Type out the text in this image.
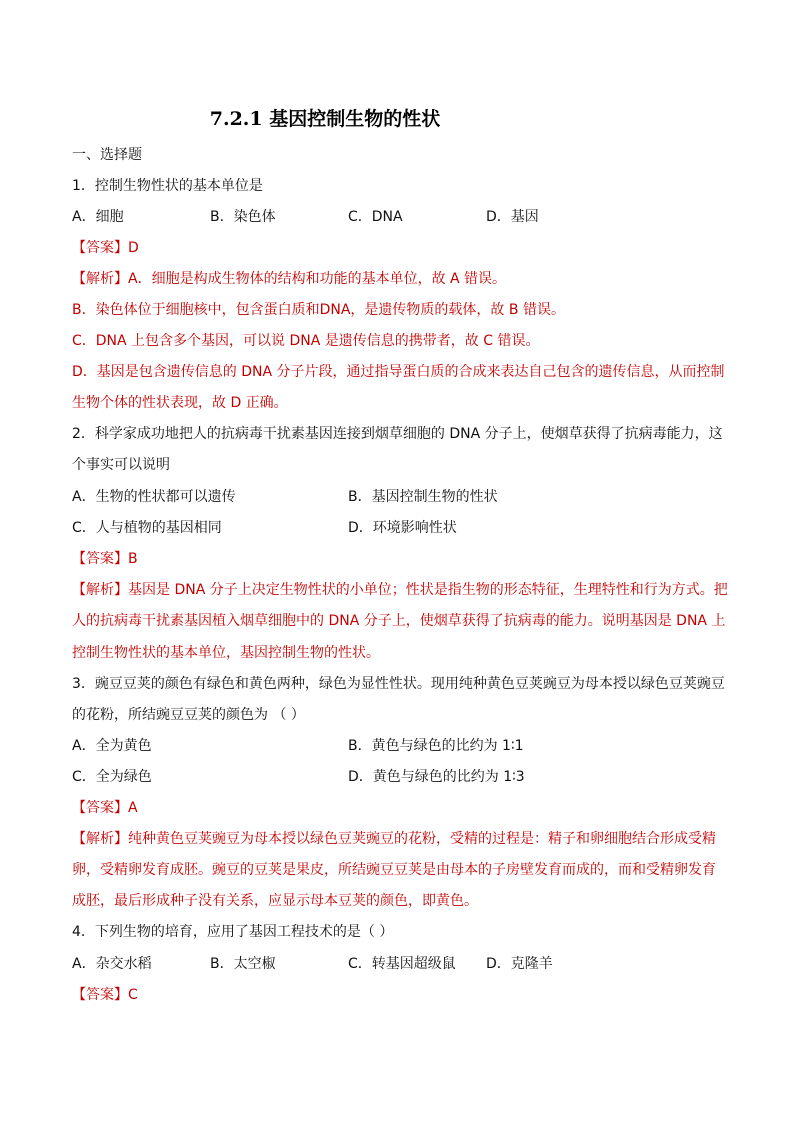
7.2.1 基因控制生物的性状
一、选择题
1．控制生物性状的基本单位是
A．细胞	B．染色体	C．DNA	D．基因
【答案】D
【解析】A．细胞是构成生物体的结构和功能的基本单位，故 A 错误。
B．染色体位于细胞核中，包含蛋白质和DNA，是遗传物质的载体，故 B 错误。
C．DNA 上包含多个基因，可以说 DNA 是遗传信息的携带者，故 C 错误。
D．基因是包含遗传信息的 DNA 分子片段，通过指导蛋白质的合成来表达自己包含的遗传信息，从而控制
生物个体的性状表现，故 D 正确。
2．科学家成功地把人的抗病毒干扰素基因连接到烟草细胞的 DNA 分子上，使烟草获得了抗病毒能力，这
个事实可以说明
A．生物的性状都可以遗传	B．基因控制生物的性状
C．人与植物的基因相同	D．环境影响性状
【答案】B
【解析】基因是 DNA 分子上决定生物性状的小单位；性状是指生物的形态特征，生理特性和行为方式。把
人的抗病毒干扰素基因植入烟草细胞中的 DNA 分子上，使烟草获得了抗病毒的能力。说明基因是 DNA 上
控制生物性状的基本单位，基因控制生物的性状。
3．豌豆豆荚的颜色有绿色和黄色两种，绿色为显性性状。现用纯种黄色豆荚豌豆为母本授以绿色豆荚豌豆
的花粉，所结豌豆豆荚的颜色为 （ ）
A．全为黄色	B．黄色与绿色的比约为 1∶1
C．全为绿色	D．黄色与绿色的比约为 1∶3
【答案】A
【解析】纯种黄色豆荚豌豆为母本授以绿色豆荚豌豆的花粉，受精的过程是：精子和卵细胞结合形成受精
卵，受精卵发育成胚。豌豆的豆荚是果皮，所结豌豆豆荚是由母本的子房壁发育而成的，而和受精卵发育
成胚，最后形成种子没有关系，应显示母本豆荚的颜色，即黄色。
4．下列生物的培育，应用了基因工程技术的是（ ）
A．杂交水稻	B．太空椒	C．转基因超级鼠 D．克隆羊
【答案】C
